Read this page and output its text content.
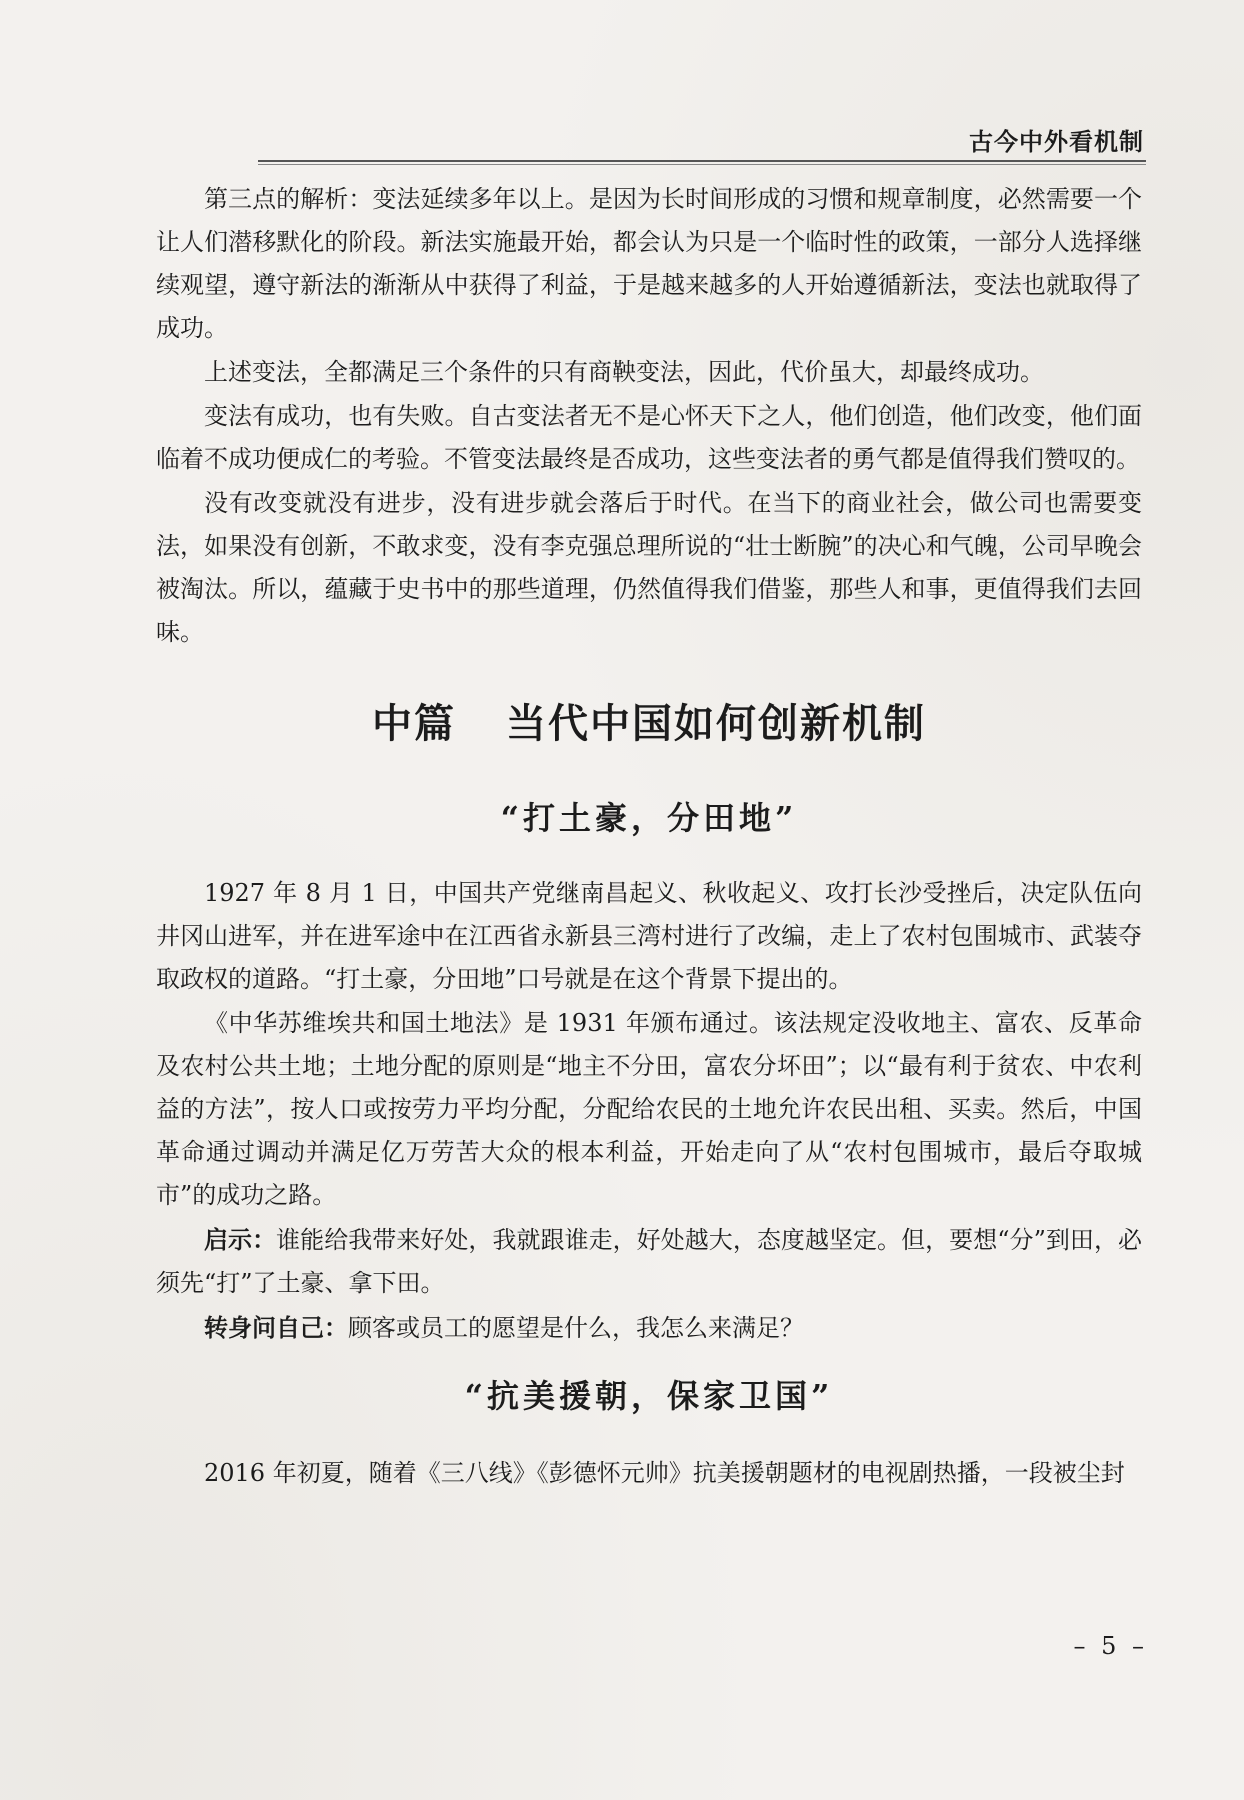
古今中外看机制

第三点的解析：变法延续多年以上。是因为长时间形成的习惯和规章制度，必然需要一个让人们潜移默化的阶段。新法实施最开始，都会认为只是一个临时性的政策，一部分人选择继续观望，遵守新法的渐渐从中获得了利益，于是越来越多的人开始遵循新法，变法也就取得了成功。

上述变法，全都满足三个条件的只有商鞅变法，因此，代价虽大，却最终成功。

变法有成功，也有失败。自古变法者无不是心怀天下之人，他们创造，他们改变，他们面临着不成功便成仁的考验。不管变法最终是否成功，这些变法者的勇气都是值得我们赞叹的。

没有改变就没有进步，没有进步就会落后于时代。在当下的商业社会，做公司也需要变法，如果没有创新，不敢求变，没有李克强总理所说的“壮士断腕”的决心和气魄，公司早晚会被淘汰。所以，蕴藏于史书中的那些道理，仍然值得我们借鉴，那些人和事，更值得我们去回味。

中篇 当代中国如何创新机制
“打土豪，分田地”

1927 年 8 月 1 日，中国共产党继南昌起义、秋收起义、攻打长沙受挫后，决定队伍向井冈山进军，并在进军途中在江西省永新县三湾村进行了改编，走上了农村包围城市、武装夺取政权的道路。“打土豪，分田地”口号就是在这个背景下提出的。

《中华苏维埃共和国土地法》是 1931 年颁布通过。该法规定没收地主、富农、反革命及农村公共土地；土地分配的原则是“地主不分田，富农分坏田”；以“最有利于贫农、中农利益的方法”，按人口或按劳力平均分配，分配给农民的土地允许农民出租、买卖。然后，中国革命通过调动并满足亿万劳苦大众的根本利益，开始走向了从“农村包围城市，最后夺取城市”的成功之路。

启示：谁能给我带来好处，我就跟谁走，好处越大，态度越坚定。但，要想“分”到田，必须先“打”了土豪、拿下田。

转身问自己：顾客或员工的愿望是什么，我怎么来满足？

“抗美援朝，保家卫国”

2016 年初夏，随着《三八线》《彭德怀元帅》抗美援朝题材的电视剧热播，一段被尘封

– 5 –
